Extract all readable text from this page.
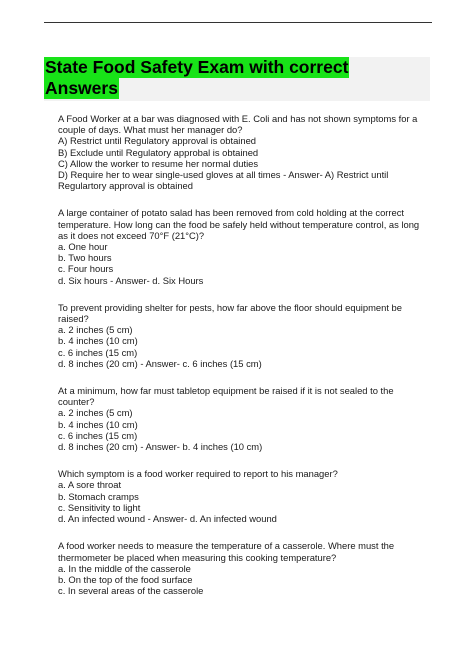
State Food Safety Exam with correct
Answers

A Food Worker at a bar was diagnosed with E. Coli and has not shown symptoms for a

couple of days. What must her manager do?

A) Restrict until Regulatory approval is obtained

B) Exclude until Regulatory approbal is obtained

C) Allow the worker to resume her normal duties

D) Require her to wear single-used gloves at all times - Answer- A) Restrict until

Regulartory approval is obtained

A large container of potato salad has been removed from cold holding at the correct

temperature. How long can the food be safely held without temperature control, as long

as it does not exceed 70°F (21°C)?

a. One hour

b. Two hours

c. Four hours

d. Six hours - Answer- d. Six Hours

To prevent providing shelter for pests, how far above the floor should equipment be

raised?

a. 2 inches (5 cm)

b. 4 inches (10 cm)

c. 6 inches (15 cm)

d. 8 inches (20 cm) - Answer- c. 6 inches (15 cm)

At a minimum, how far must tabletop equipment be raised if it is not sealed to the

counter?

a. 2 inches (5 cm)

b. 4 inches (10 cm)

c. 6 inches (15 cm)

d. 8 inches (20 cm) - Answer- b. 4 inches (10 cm)

Which symptom is a food worker required to report to his manager?

a. A sore throat

b. Stomach cramps

c. Sensitivity to light

d. An infected wound - Answer- d. An infected wound

A food worker needs to measure the temperature of a casserole. Where must the

thermometer be placed when measuring this cooking temperature?

a. In the middle of the casserole

b. On the top of the food surface

c. In several areas of the casserole
